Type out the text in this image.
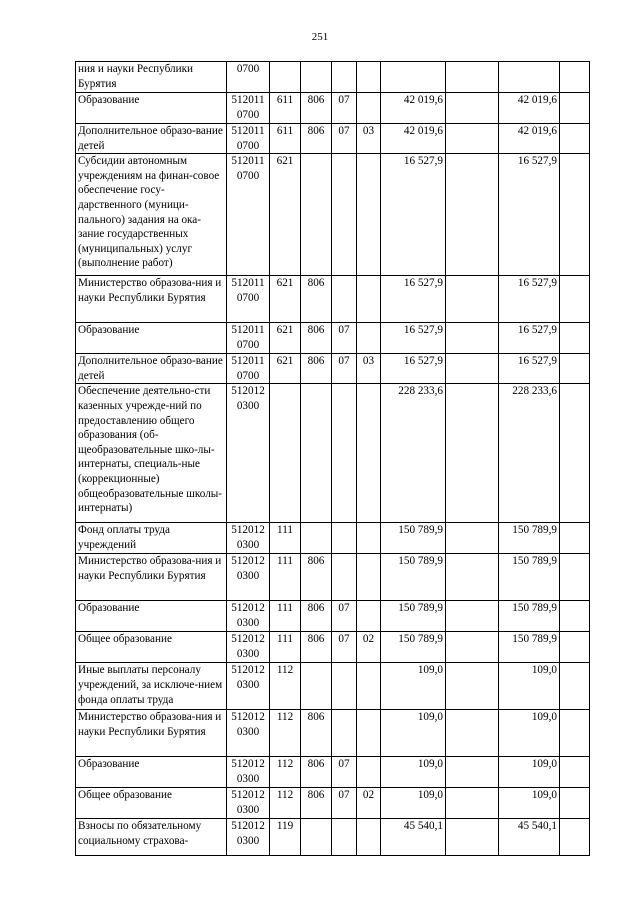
251
ния и науки Республики Бурятия	0700								
Образование	512011 0700	611	806	07		42 019,6		42 019,6	
Дополнительное образо-вание детей	512011 0700	611	806	07	03	42 019,6		42 019,6	
Субсидии автономным учреждениям на финан-совое обеспечение госу-дарственного (муници-пального) задания на ока-зание государственных (муниципальных) услуг (выполнение работ)	512011 0700	621				16 527,9		16 527,9	
Министерство образова-ния и науки Республики Бурятия	512011 0700	621	806			16 527,9		16 527,9	
Образование	512011 0700	621	806	07		16 527,9		16 527,9	
Дополнительное образо-вание детей	512011 0700	621	806	07	03	16 527,9		16 527,9	
Обеспечение деятельно-сти казенных учрежде-ний по предоставлению общего образования (об-щеобразовательные шко-лы-интернаты, специаль-ные (коррекционные) общеобразовательные школы-интернаты)	512012 0300					228 233,6		228 233,6	
Фонд оплаты труда учреждений	512012 0300	111				150 789,9		150 789,9	
Министерство образова-ния и науки Республики Бурятия	512012 0300	111	806			150 789,9		150 789,9	
Образование	512012 0300	111	806	07		150 789,9		150 789,9	
Общее образование	512012 0300	111	806	07	02	150 789,9		150 789,9	
Иные выплаты персоналу учреждений, за исключе-нием фонда оплаты труда	512012 0300	112				109,0		109,0	
Министерство образова-ния и науки Республики Бурятия	512012 0300	112	806			109,0		109,0	
Образование	512012 0300	112	806	07		109,0		109,0	
Общее образование	512012 0300	112	806	07	02	109,0		109,0	
Взносы по обязательному социальному страхова-	512012 0300	119				45 540,1		45 540,1	
